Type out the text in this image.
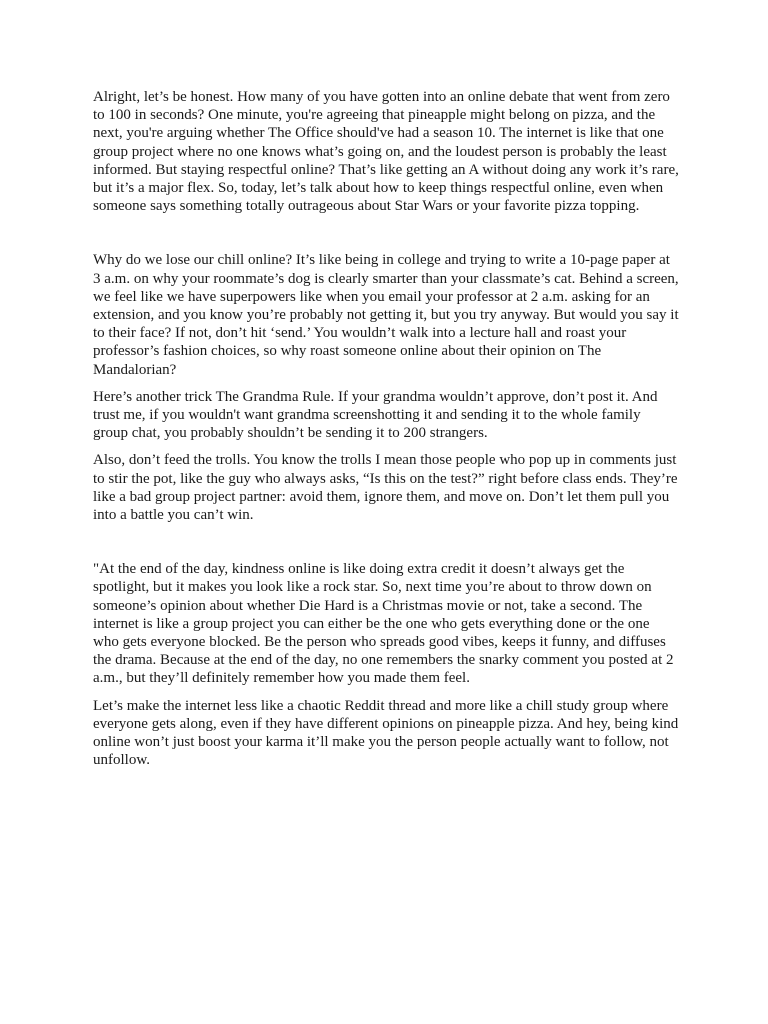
Alright, let’s be honest. How many of you have gotten into an online debate that went from zero to 100 in seconds? One minute, you're agreeing that pineapple might belong on pizza, and the next, you're arguing whether The Office should've had a season 10. The internet is like that one group project where no one knows what’s going on, and the loudest person is probably the least informed. But staying respectful online? That’s like getting an A without doing any work it’s rare, but it’s a major flex. So, today, let’s talk about how to keep things respectful online, even when someone says something totally outrageous about Star Wars or your favorite pizza topping.

Why do we lose our chill online? It’s like being in college and trying to write a 10-page paper at 3 a.m. on why your roommate’s dog is clearly smarter than your classmate’s cat. Behind a screen, we feel like we have superpowers like when you email your professor at 2 a.m. asking for an extension, and you know you’re probably not getting it, but you try anyway. But would you say it to their face? If not, don’t hit ‘send.’ You wouldn’t walk into a lecture hall and roast your professor’s fashion choices, so why roast someone online about their opinion on The Mandalorian?

Here’s another trick The Grandma Rule. If your grandma wouldn’t approve, don’t post it. And trust me, if you wouldn't want grandma screenshotting it and sending it to the whole family group chat, you probably shouldn’t be sending it to 200 strangers.

Also, don’t feed the trolls. You know the trolls I mean those people who pop up in comments just to stir the pot, like the guy who always asks, “Is this on the test?” right before class ends. They’re like a bad group project partner: avoid them, ignore them, and move on. Don’t let them pull you into a battle you can’t win.

"At the end of the day, kindness online is like doing extra credit it doesn’t always get the spotlight, but it makes you look like a rock star. So, next time you’re about to throw down on someone’s opinion about whether Die Hard is a Christmas movie or not, take a second. The internet is like a group project you can either be the one who gets everything done or the one who gets everyone blocked. Be the person who spreads good vibes, keeps it funny, and diffuses the drama. Because at the end of the day, no one remembers the snarky comment you posted at 2 a.m., but they’ll definitely remember how you made them feel.

Let’s make the internet less like a chaotic Reddit thread and more like a chill study group where everyone gets along, even if they have different opinions on pineapple pizza. And hey, being kind online won’t just boost your karma it’ll make you the person people actually want to follow, not unfollow.
